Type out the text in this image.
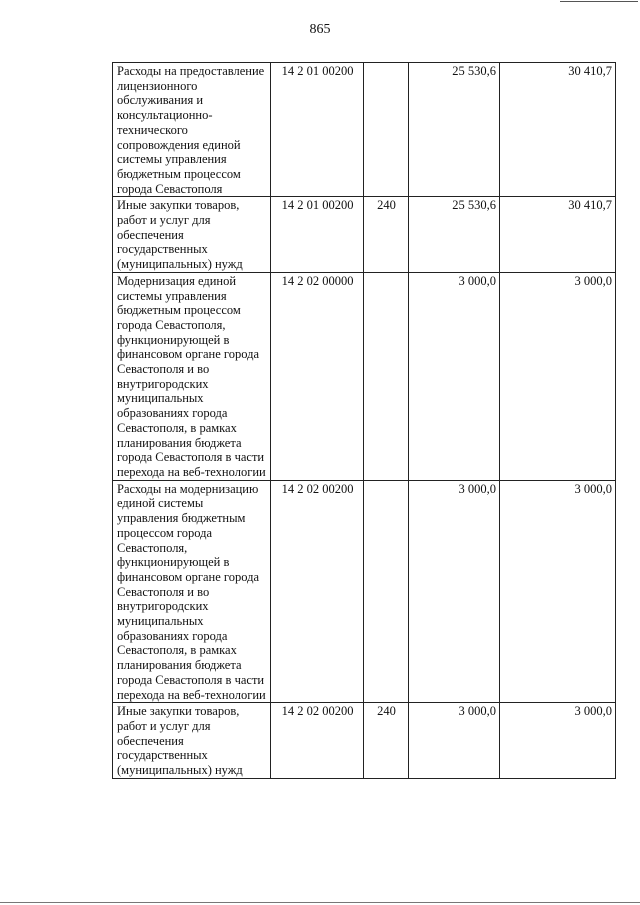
865
Расходы на предоставление лицензионного обслуживания и консультационно-технического сопровождения единой системы управления бюджетным процессом города Севастополя	14 2 01 00200		25 530,6	30 410,7
Иные закупки товаров, работ и услуг для обеспечения государственных (муниципальных) нужд	14 2 01 00200	240	25 530,6	30 410,7
Модернизация единой системы управления бюджетным процессом города Севастополя, функционирующей в финансовом органе города Севастополя и во внутригородских муниципальных образованиях города Севастополя, в рамках планирования бюджета города Севастополя в части перехода на веб-технологии	14 2 02 00000		3 000,0	3 000,0
Расходы на модернизацию единой системы управления бюджетным процессом города Севастополя, функционирующей в финансовом органе города Севастополя и во внутригородских муниципальных образованиях города Севастополя, в рамках планирования бюджета города Севастополя в части перехода на веб-технологии	14 2 02 00200		3 000,0	3 000,0
Иные закупки товаров, работ и услуг для обеспечения государственных (муниципальных) нужд	14 2 02 00200	240	3 000,0	3 000,0
